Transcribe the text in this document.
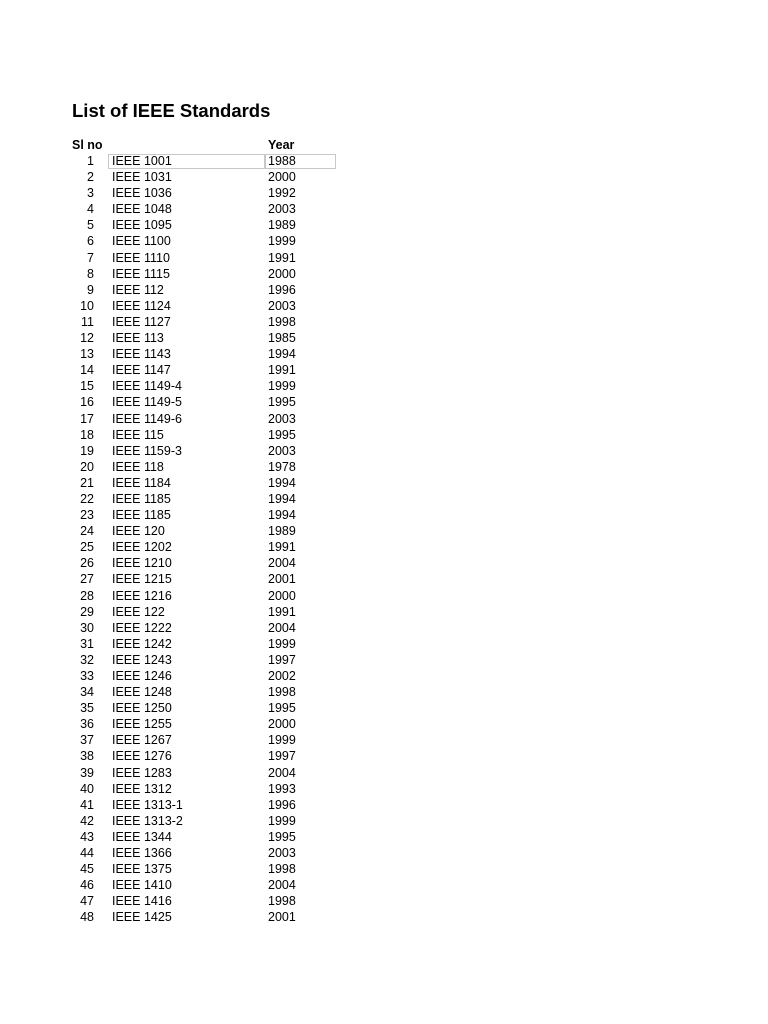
List of IEEE Standards
Sl no	Year
1 IEEE 1001	1988
2 IEEE 1031	2000
3 IEEE 1036	1992
4 IEEE 1048	2003
5 IEEE 1095	1989
6 IEEE 1100	1999
7 IEEE 1110	1991
8 IEEE 1115	2000
9 IEEE 112	1996
10 IEEE 1124	2003
11 IEEE 1127	1998
12 IEEE 113	1985
13 IEEE 1143	1994
14 IEEE 1147	1991
15 IEEE 1149-4	1999
16 IEEE 1149-5	1995
17 IEEE 1149-6	2003
18 IEEE 115	1995
19 IEEE 1159-3	2003
20 IEEE 118	1978
21 IEEE 1184	1994
22 IEEE 1185	1994
23 IEEE 1185	1994
24 IEEE 120	1989
25 IEEE 1202	1991
26 IEEE 1210	2004
27 IEEE 1215	2001
28 IEEE 1216	2000
29 IEEE 122	1991
30 IEEE 1222	2004
31 IEEE 1242	1999
32 IEEE 1243	1997
33 IEEE 1246	2002
34 IEEE 1248	1998
35 IEEE 1250	1995
36 IEEE 1255	2000
37 IEEE 1267	1999
38 IEEE 1276	1997
39 IEEE 1283	2004
40 IEEE 1312	1993
41 IEEE 1313-1	1996
42 IEEE 1313-2	1999
43 IEEE 1344	1995
44 IEEE 1366	2003
45 IEEE 1375	1998
46 IEEE 1410	2004
47 IEEE 1416	1998
48 IEEE 1425	2001
